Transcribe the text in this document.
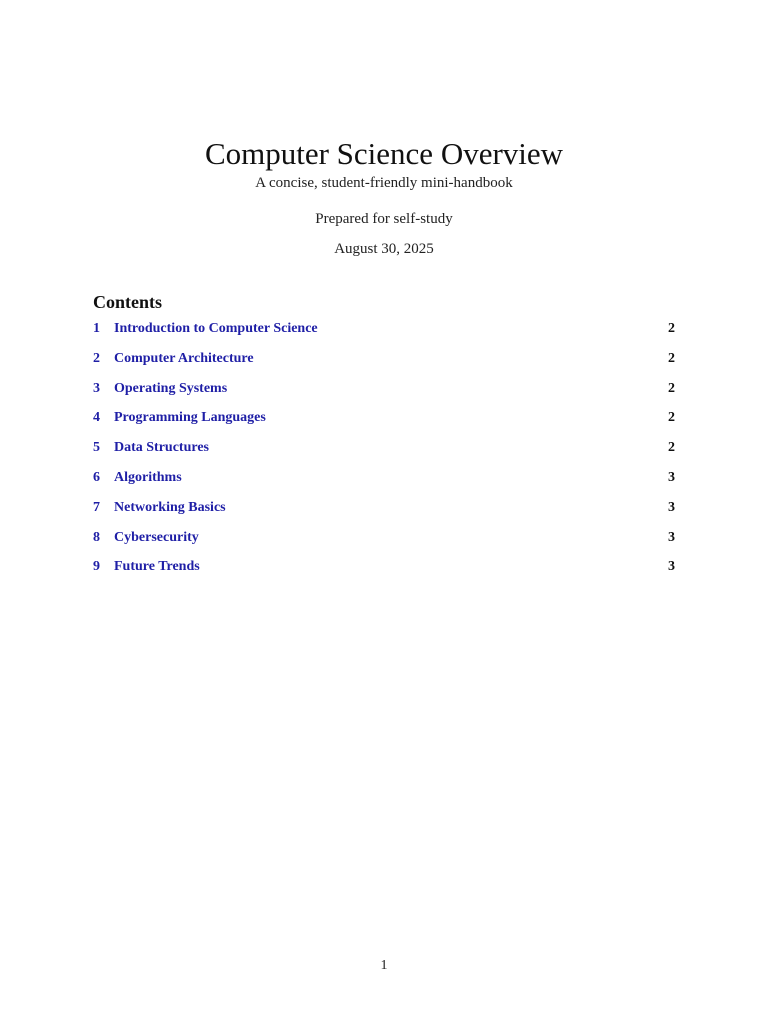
Computer Science Overview
A concise, student-friendly mini-handbook
Prepared for self-study
August 30, 2025
Contents
1	Introduction to Computer Science	2
2	Computer Architecture	2
3	Operating Systems	2
4	Programming Languages	2
5	Data Structures	2
6	Algorithms	3
7	Networking Basics	3
8	Cybersecurity	3
9	Future Trends	3
1
